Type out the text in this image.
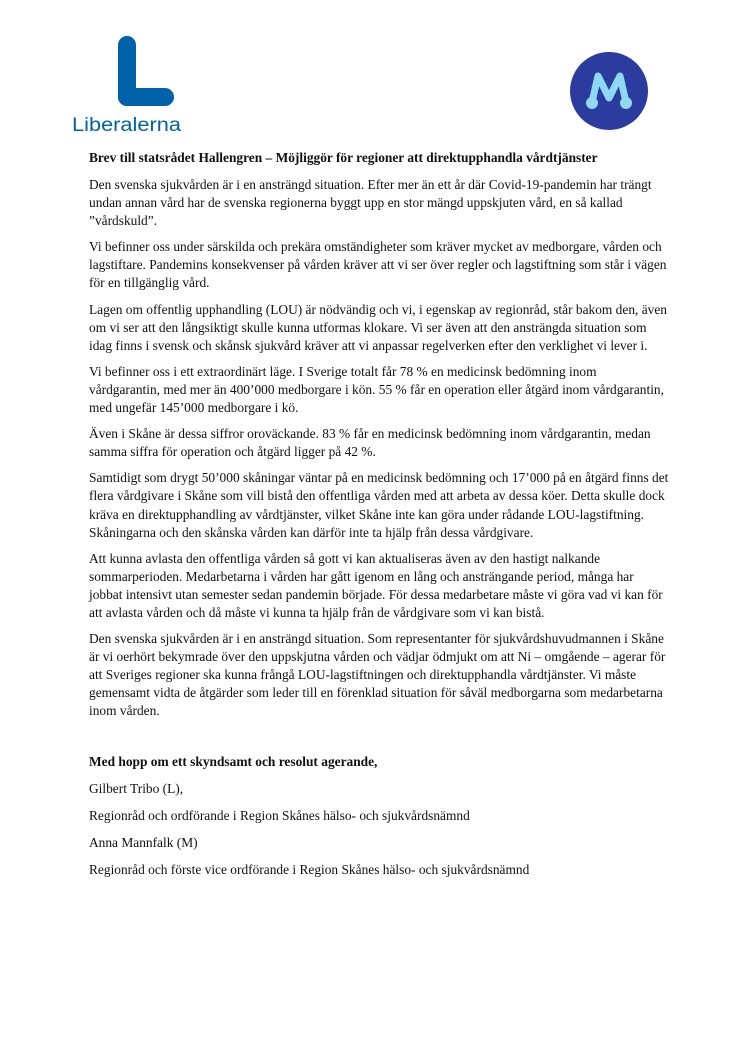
Liberalerna
Brev till statsrådet Hallengren – Möjliggör för regioner att direktupphandla vårdtjänster

Den svenska sjukvården är i en ansträngd situation. Efter mer än ett år där Covid-19-pandemin har trängt undan annan vård har de svenska regionerna byggt upp en stor mängd uppskjuten vård, en så kallad ”vårdskuld”.

Vi befinner oss under särskilda och prekära omständigheter som kräver mycket av medborgare, vården och lagstiftare. Pandemins konsekvenser på vården kräver att vi ser över regler och lagstiftning som står i vägen för en tillgänglig vård.

Lagen om offentlig upphandling (LOU) är nödvändig och vi, i egenskap av regionråd, står bakom den, även om vi ser att den långsiktigt skulle kunna utformas klokare. Vi ser även att den ansträngda situation som idag finns i svensk och skånsk sjukvård kräver att vi anpassar regelverken efter den verklighet vi lever i.

Vi befinner oss i ett extraordinärt läge. I Sverige totalt får 78 % en medicinsk bedömning inom vårdgarantin, med mer än 400’000 medborgare i kön. 55 % får en operation eller åtgärd inom vårdgarantin, med ungefär 145’000 medborgare i kö.

Även i Skåne är dessa siffror oroväckande. 83 % får en medicinsk bedömning inom vårdgarantin, medan samma siffra för operation och åtgärd ligger på 42 %.

Samtidigt som drygt 50’000 skåningar väntar på en medicinsk bedömning och 17’000 på en åtgärd finns det flera vårdgivare i Skåne som vill bistå den offentliga vården med att arbeta av dessa köer. Detta skulle dock kräva en direktupphandling av vårdtjänster, vilket Skåne inte kan göra under rådande LOU-lagstiftning. Skåningarna och den skånska vården kan därför inte ta hjälp från dessa vårdgivare.

Att kunna avlasta den offentliga vården så gott vi kan aktualiseras även av den hastigt nalkande sommarperioden. Medarbetarna i vården har gått igenom en lång och ansträngande period, många har jobbat intensivt utan semester sedan pandemin började. För dessa medarbetare måste vi göra vad vi kan för att avlasta vården och då måste vi kunna ta hjälp från de vårdgivare som vi kan bistå.

Den svenska sjukvården är i en ansträngd situation. Som representanter för sjukvårdshuvudmannen i Skåne är vi oerhört bekymrade över den uppskjutna vården och vädjar ödmjukt om att Ni – omgående – agerar för att Sveriges regioner ska kunna frångå LOU-lagstiftningen och direktupphandla vårdtjänster. Vi måste gemensamt vidta de åtgärder som leder till en förenklad situation för såväl medborgarna som medarbetarna inom vården.

Med hopp om ett skyndsamt och resolut agerande,
Gilbert Tribo (L),
Regionråd och ordförande i Region Skånes hälso- och sjukvårdsnämnd
Anna Mannfalk (M)
Regionråd och förste vice ordförande i Region Skånes hälso- och sjukvårdsnämnd
